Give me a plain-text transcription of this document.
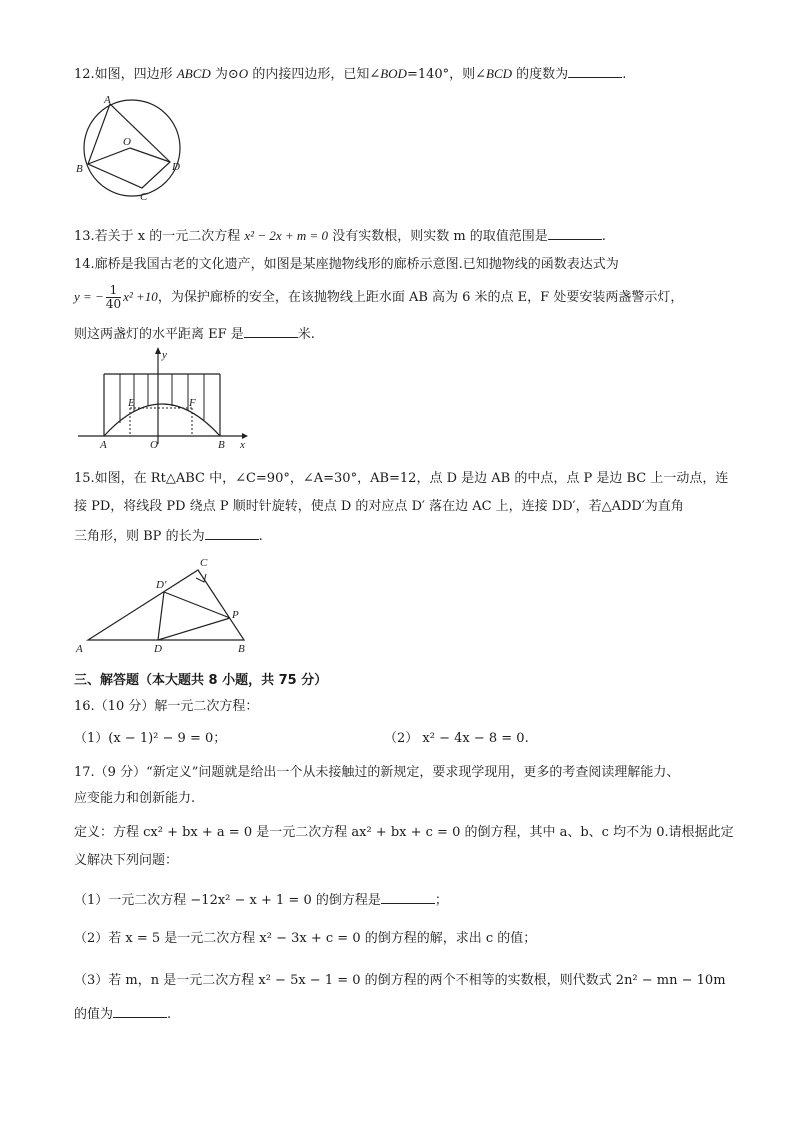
12.如图，四边形 ABCD 为⊙O 的内接四边形，已知∠BOD=140°，则∠BCD 的度数为	.
A
B
C
D
O
13.若关于 x 的一元二次方程 x² − 2x + m = 0 没有实数根，则实数 m 的取值范围是	.
14.廊桥是我国古老的文化遗产，如图是某座抛物线形的廊桥示意图.已知抛物线的函数表达式为
y = − $\frac{1}{40} x^2 +10$，为保护廊桥的安全，在该抛物线上距水面 AB 高为 6 米的点 E，F 处要安装两盏警示灯，
则这两盏灯的水平距离 EF 是	米.
y
x
A	O	B
E	F
15.如图，在 Rt△ABC 中，∠C=90°，∠A=30°，AB=12，点 D 是边 AB 的中点，点 P 是边 BC 上一动点，连
接 PD，将线段 PD 绕点 P 顺时针旋转，使点 D 的对应点 D′ 落在边 AC 上，连接 DD′，若△ADD′为直角
三角形，则 BP 的长为	.
A	B
C
D
D′
P
三、解答题（本大题共 8 小题，共 75 分）
16.（10 分）解一元二次方程：
（1）(x − 1)² − 9 = 0；	（2） x² − 4x − 8 = 0.
17.（9 分）“新定义”问题就是给出一个从未接触过的新规定，要求现学现用，更多的考查阅读理解能力、
应变能力和创新能力.
定义：方程 cx² + bx + a = 0 是一元二次方程 ax² + bx + c = 0 的倒方程，其中 a、b、c 均不为 0.请根据此定
义解决下列问题：
（1）一元二次方程 −12x² − x + 1 = 0 的倒方程是	；
（2）若 x = 5 是一元二次方程 x² − 3x + c = 0 的倒方程的解，求出 c 的值；
（3）若 m，n 是一元二次方程 x² − 5x − 1 = 0 的倒方程的两个不相等的实数根，则代数式 2n² − mn − 10m
的值为	.
